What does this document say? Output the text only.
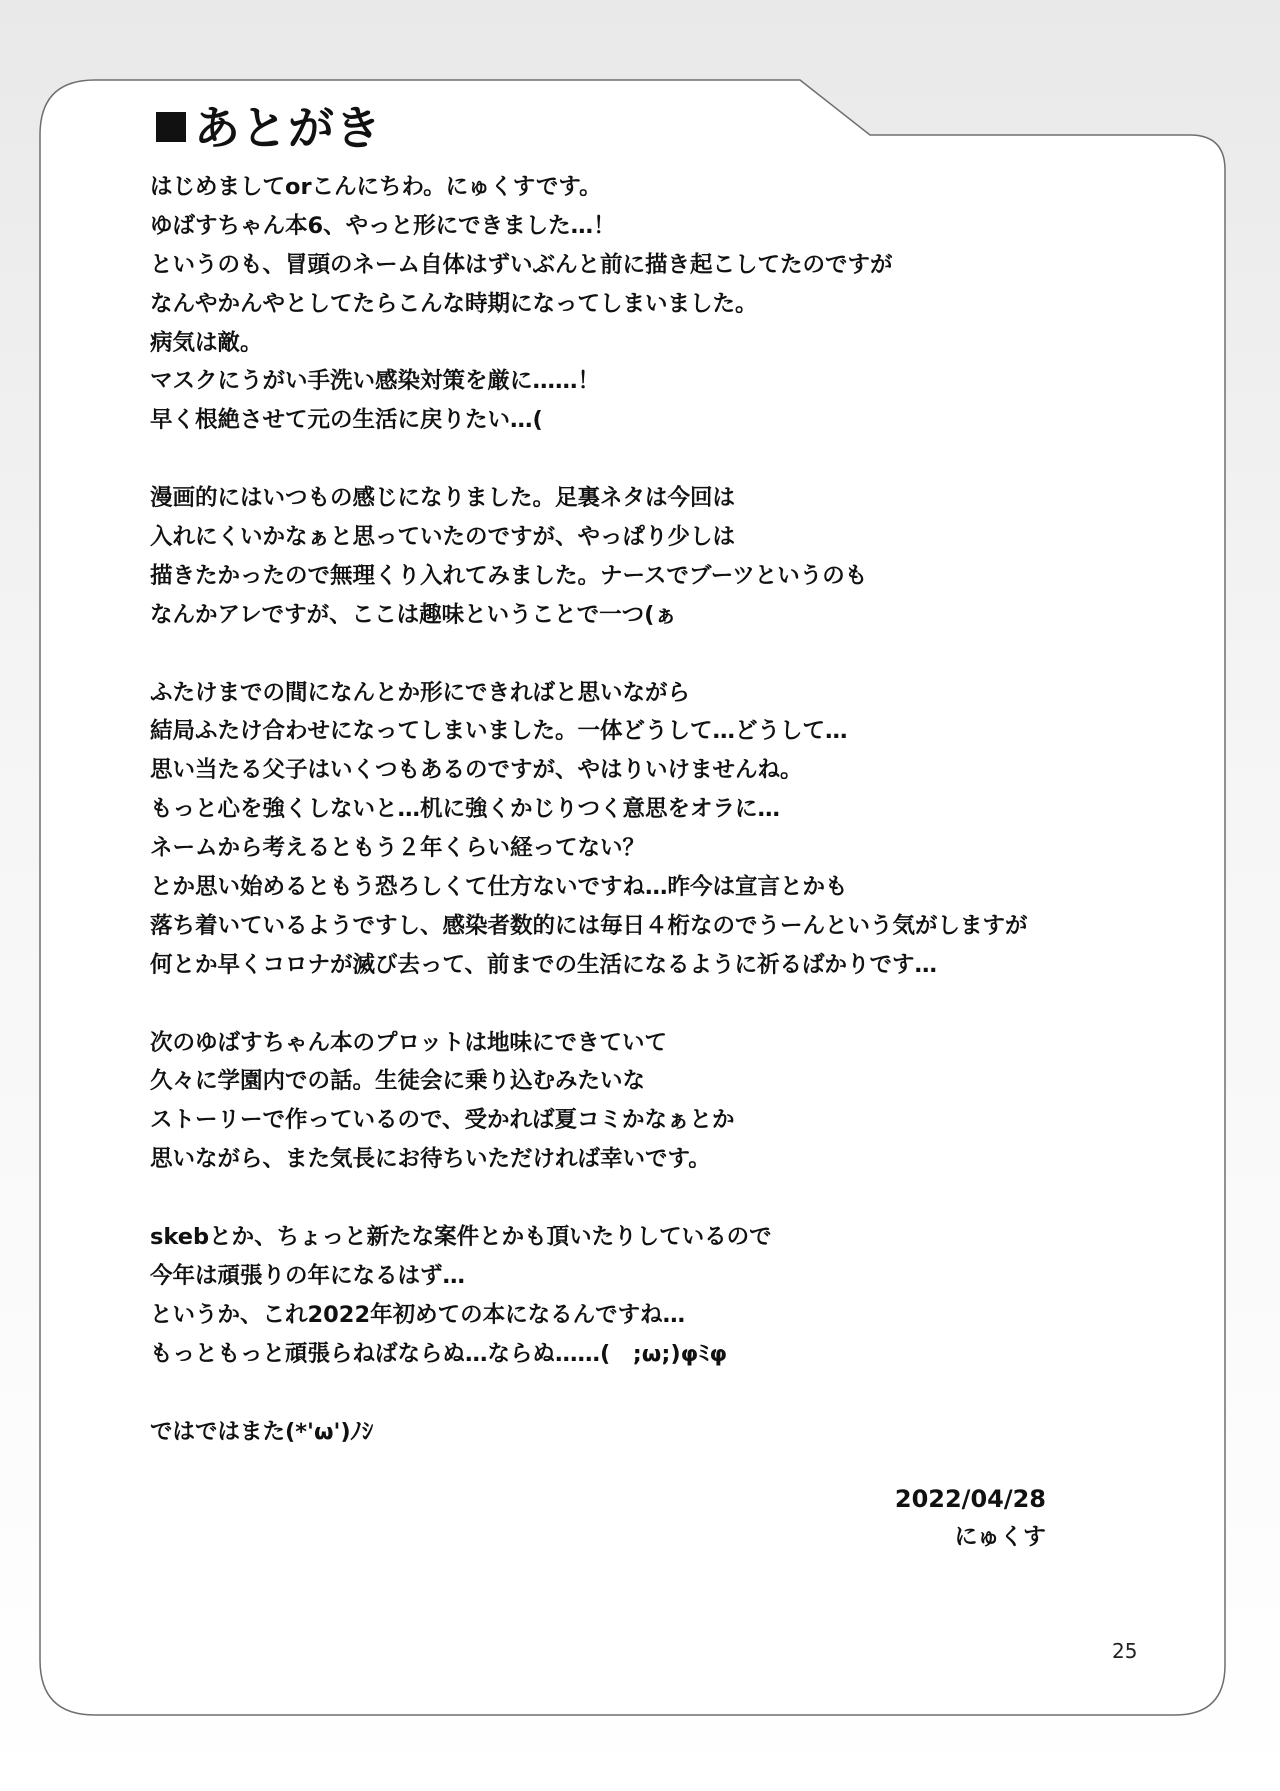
あとがき
はじめましてorこんにちわ。にゅくすです。
ゆばすちゃん本6、やっと形にできました…！
というのも、冒頭のネーム自体はずいぶんと前に描き起こしてたのですが
なんやかんやとしてたらこんな時期になってしまいました。
病気は敵。
マスクにうがい手洗い感染対策を厳に……！
早く根絶させて元の生活に戻りたい…(
漫画的にはいつもの感じになりました。足裏ネタは今回は
入れにくいかなぁと思っていたのですが、やっぱり少しは
描きたかったので無理くり入れてみました。ナースでブーツというのも
なんかアレですが、ここは趣味ということで一つ(ぁ
ふたけまでの間になんとか形にできればと思いながら
結局ふたけ合わせになってしまいました。一体どうして…どうして…
思い当たる父子はいくつもあるのですが、やはりいけませんね。
もっと心を強くしないと…机に強くかじりつく意思をオラに…
ネームから考えるともう２年くらい経ってない？
とか思い始めるともう恐ろしくて仕方ないですね…昨今は宣言とかも
落ち着いているようですし、感染者数的には毎日４桁なのでうーんという気がしますが
何とか早くコロナが滅び去って、前までの生活になるように祈るばかりです…
次のゆばすちゃん本のプロットは地味にできていて
久々に学園内での話。生徒会に乗り込むみたいな
ストーリーで作っているので、受かれば夏コミかなぁとか
思いながら、また気長にお待ちいただければ幸いです。
skebとか、ちょっと新たな案件とかも頂いたりしているので
今年は頑張りの年になるはず…
というか、これ2022年初めての本になるんですね…
もっともっと頑張らねばならぬ…ならぬ……(　;ω;)φﾐφ
ではではまた(*'ω')ﾉｼ
2022/04/28
にゅくす
25
